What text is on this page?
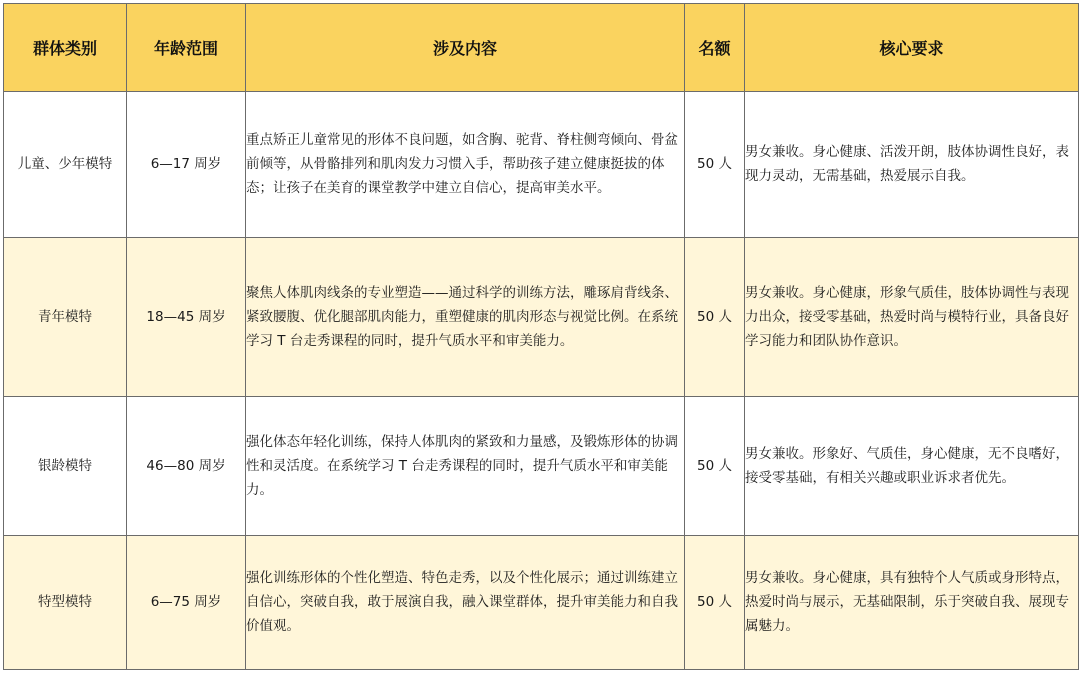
群体类别	年龄范围	涉及内容	名额	核心要求
儿童、少年模特	6—17 周岁	重点矫正儿童常见的形体不良问题，如含胸、驼背、脊柱侧弯倾向、骨盆前倾等，从骨骼排列和肌肉发力习惯入手，帮助孩子建立健康挺拔的体态；让孩子在美育的课堂教学中建立自信心，提高审美水平。	50 人	男女兼收。身心健康、活泼开朗，肢体协调性良好，表现力灵动，无需基础，热爱展示自我。
青年模特	18—45 周岁	聚焦人体肌肉线条的专业塑造——通过科学的训练方法，雕琢肩背线条、紧致腰腹、优化腿部肌肉能力，重塑健康的肌肉形态与视觉比例。在系统学习 T 台走秀课程的同时，提升气质水平和审美能力。	50 人	男女兼收。身心健康，形象气质佳，肢体协调性与表现力出众，接受零基础，热爱时尚与模特行业，具备良好学习能力和团队协作意识。
银龄模特	46—80 周岁	强化体态年轻化训练，保持人体肌肉的紧致和力量感，及锻炼形体的协调性和灵活度。在系统学习 T 台走秀课程的同时，提升气质水平和审美能力。	50 人	男女兼收。形象好、气质佳，身心健康，无不良嗜好，接受零基础，有相关兴趣或职业诉求者优先。
特型模特	6—75 周岁	强化训练形体的个性化塑造、特色走秀，以及个性化展示；通过训练建立自信心，突破自我，敢于展演自我，融入课堂群体，提升审美能力和自我价值观。	50 人	男女兼收。身心健康，具有独特个人气质或身形特点，热爱时尚与展示，无基础限制，乐于突破自我、展现专属魅力。
